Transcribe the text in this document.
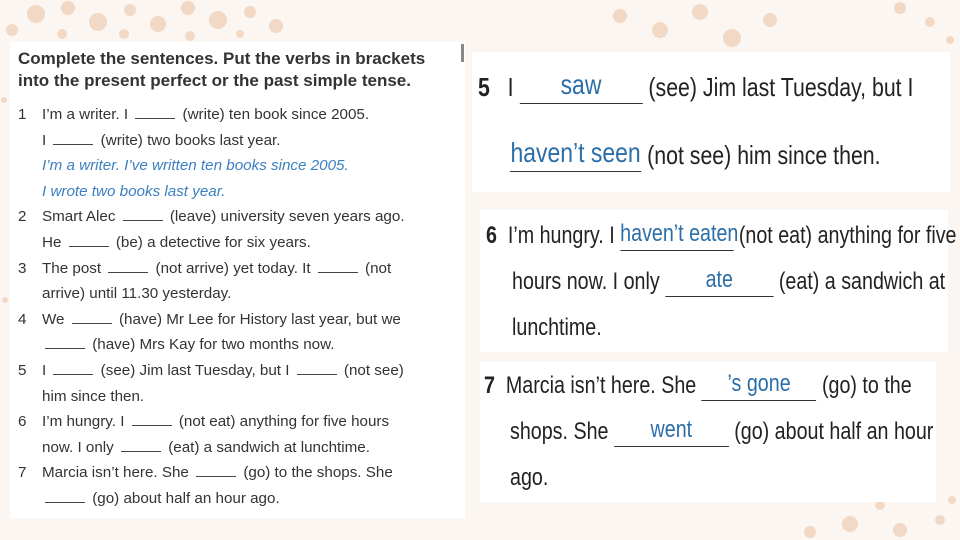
Complete the sentences. Put the verbs in brackets into the present perfect or the past simple tense.
1 I’m a writer. I	(write) ten book since 2005.
I	(write) two books last year.
I’m a writer. I’ve written ten books since 2005.
I wrote two books last year.
2 Smart Alec	(leave) university seven years ago.
He	(be) a detective for six years.
3 The post	(not arrive) yet today. It	(not
arrive) until 11.30 yesterday.
4 We	(have) Mr Lee for History last year, but we
(have) Mrs Kay for two months now.
5 I	(see) Jim last Tuesday, but I	(not see)
him since then.
6 I’m hungry. I	(not eat) anything for five hours
now. I only	(eat) a sandwich at lunchtime.
7 Marcia isn’t here. She	(go) to the shops. She
(go) about half an hour ago.
5 I	saw	(see) Jim last Tuesday, but I
haven’t seen (not see) him since then.
6 I’m hungry. I haven’t eaten (not eat) anything for five
hours now. I only	ate	(eat) a sandwich at
lunchtime.
7 Marcia isn’t here. She	’s gone	(go) to the
shops. She	went	(go) about half an hour
ago.
